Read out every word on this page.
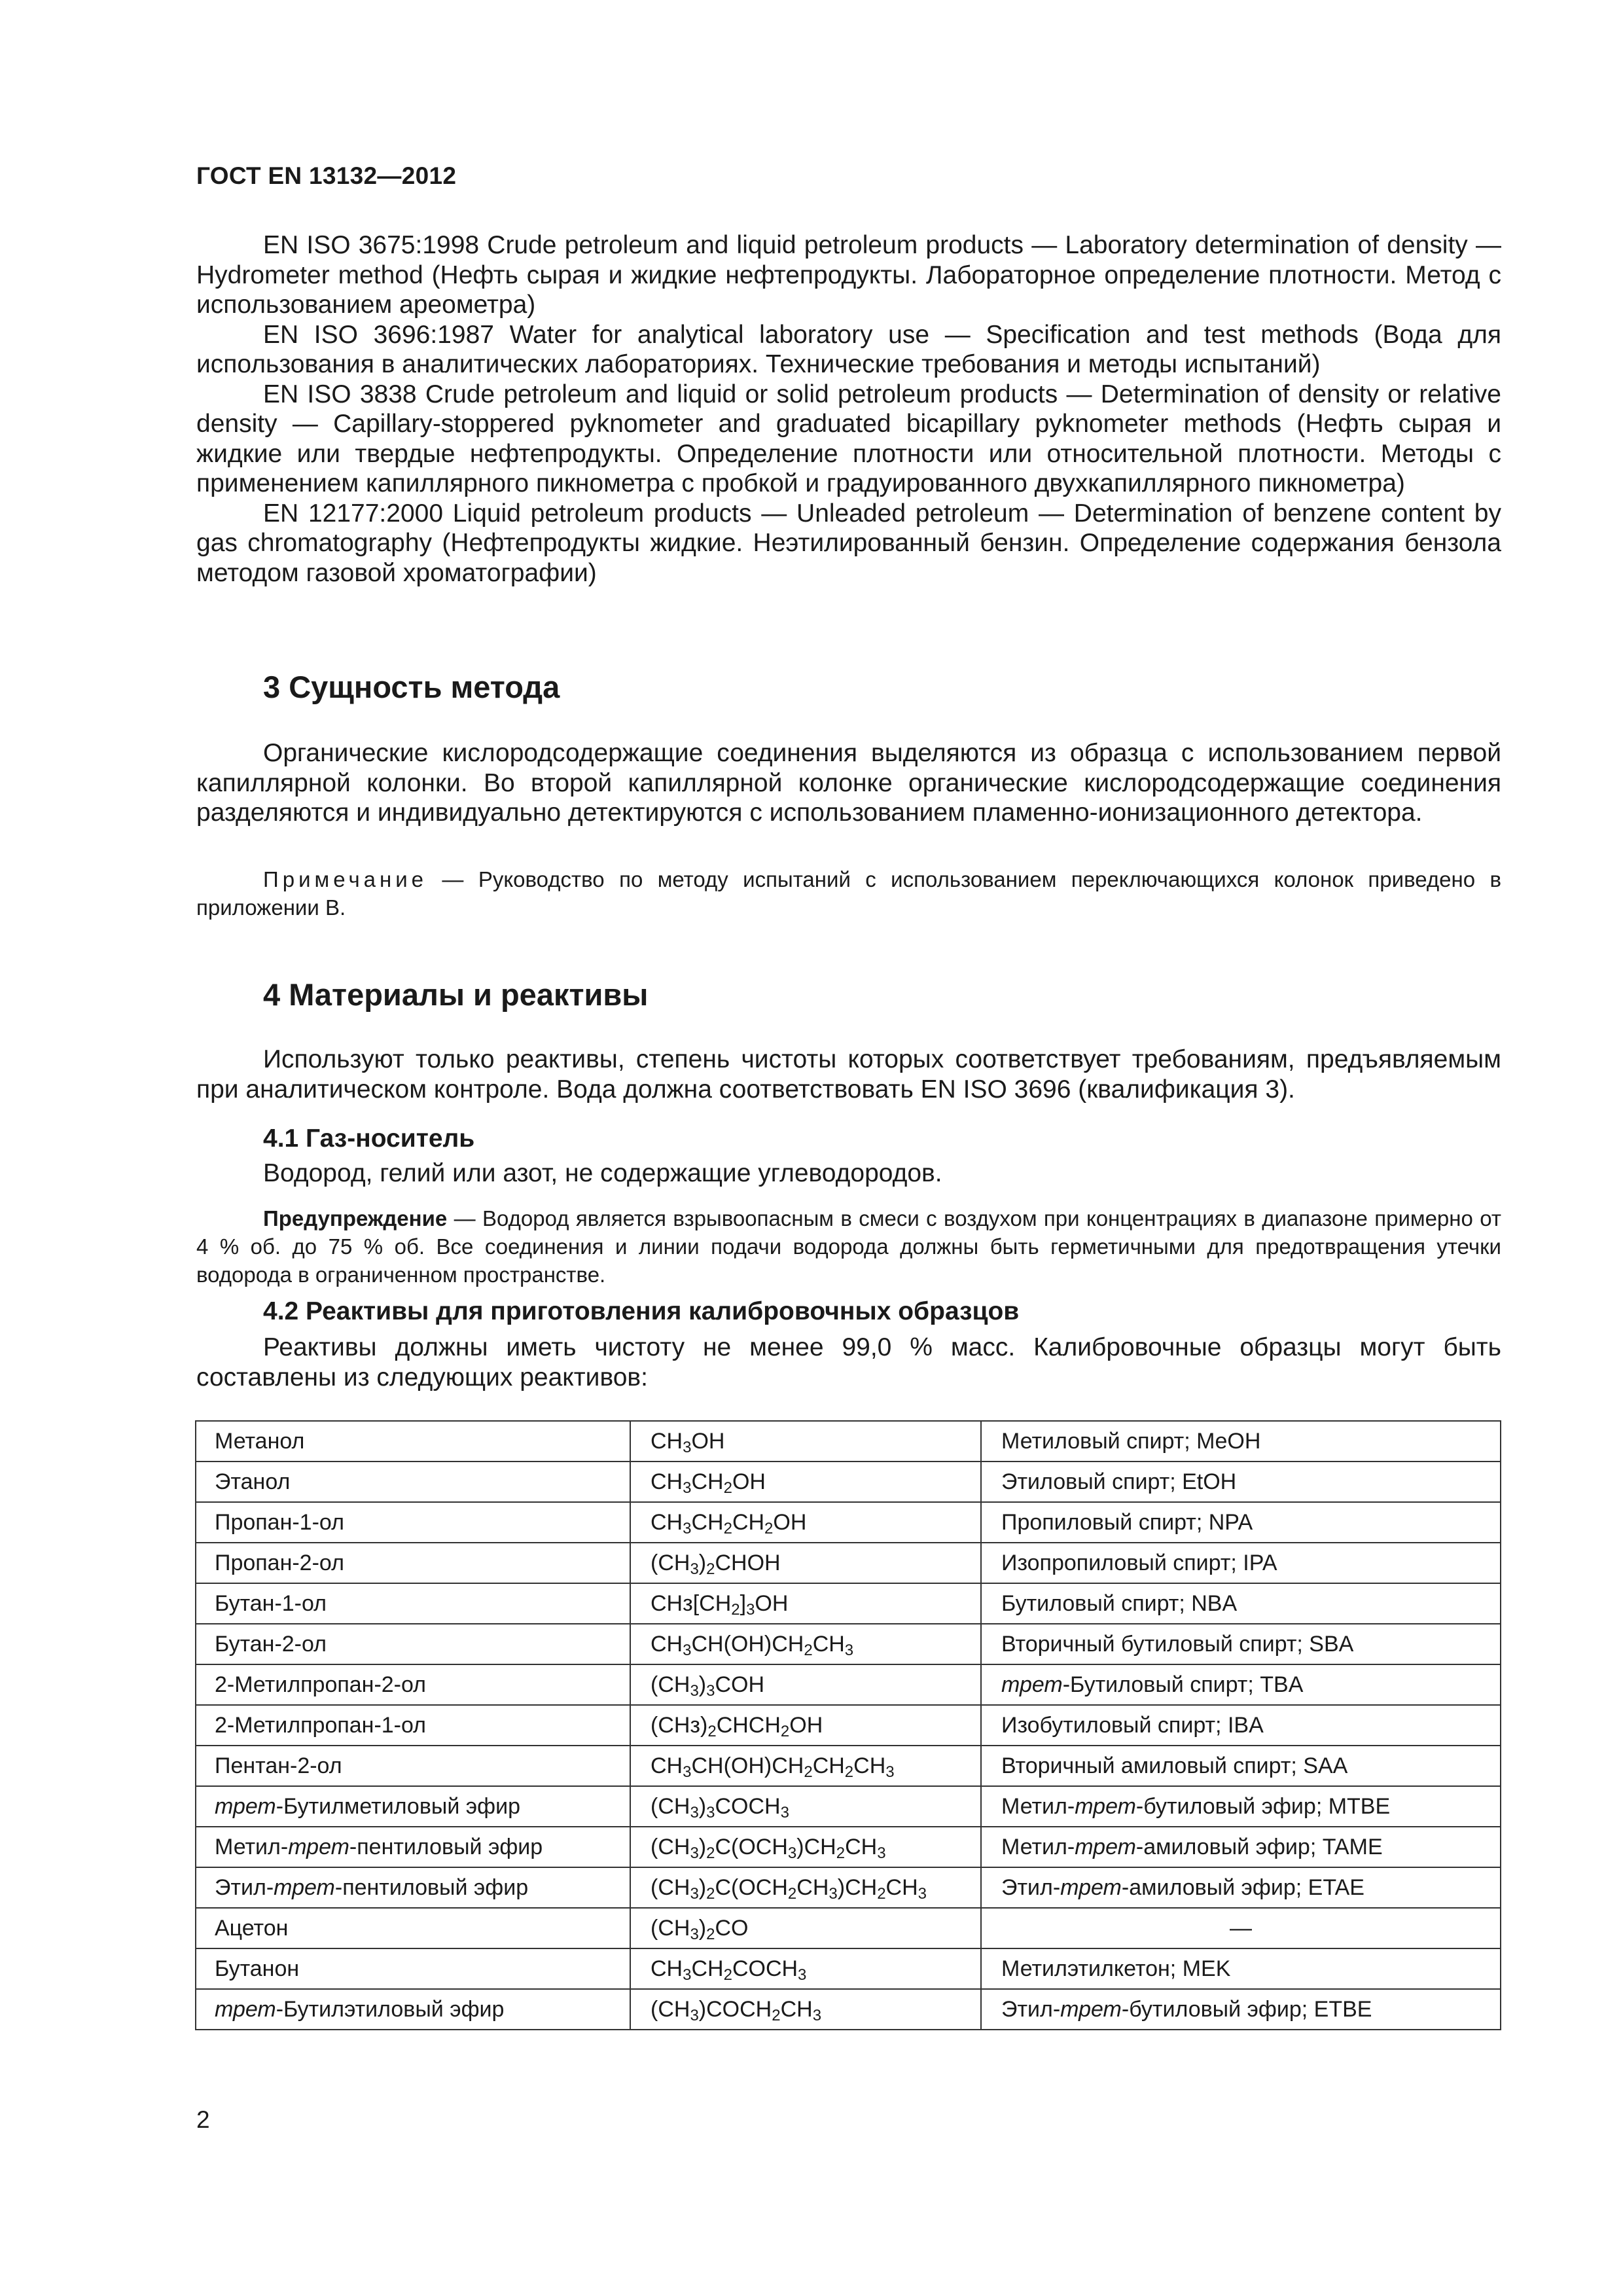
ГОСТ EN 13132—2012

EN ISO 3675:1998 Crude petroleum and liquid petroleum products — Laboratory determination of density — Hydrometer method (Нефть сырая и жидкие нефтепродукты. Лабораторное определение плотности. Метод с использованием ареометра)

EN ISO 3696:1987 Water for analytical laboratory use — Specification and test methods (Вода для использования в аналитических лабораториях. Технические требования и методы испытаний)

EN ISO 3838 Crude petroleum and liquid or solid petroleum products — Determination of density or relative density — Capillary-stoppered pyknometer and graduated bicapillary pyknometer methods (Нефть сырая и жидкие или твердые нефтепродукты. Определение плотности или относительной плотности. Методы с применением капиллярного пикнометра с пробкой и градуированного двухкапиллярного пикнометра)

EN 12177:2000 Liquid petroleum products — Unleaded petroleum — Determination of benzene content by gas chromatography (Нефтепродукты жидкие. Неэтилированный бензин. Определение содержания бензола методом газовой хроматографии)

3 Сущность метода

Органические кислородсодержащие соединения выделяются из образца с использованием первой капиллярной колонки. Во второй капиллярной колонке органические кислородсодержащие соединения разделяются и индивидуально детектируются с использованием пламенно-ионизационного детектора.

Примечание — Руководство по методу испытаний с использованием переключающихся колонок приведено в приложении В.

4 Материалы и реактивы

Используют только реактивы, степень чистоты которых соответствует требованиям, предъявляемым при аналитическом контроле. Вода должна соответствовать EN ISO 3696 (квалификация 3).

4.1 Газ-носитель

Водород, гелий или азот, не содержащие углеводородов.

Предупреждение — Водород является взрывоопасным в смеси с воздухом при концентрациях в диапазоне примерно от 4 % об. до 75 % об. Все соединения и линии подачи водорода должны быть герметичными для предотвращения утечки водорода в ограниченном пространстве.

4.2 Реактивы для приготовления калибровочных образцов

Реактивы должны иметь чистоту не менее 99,0 % масс. Калибровочные образцы могут быть составлены из следующих реактивов:

Метанол	$CH_3OH$	Метиловый спирт; MeOH
Этанол	$CH_3CH_2OH$	Этиловый спирт; EtOH
Пропан-1-ол	$CH_3CH_2CH_2OH$	Пропиловый спирт; NPA
Пропан-2-ол	$(CH_3)_2CHOH$	Изопропиловый спирт; IPA
Бутан-1-ол	$CHз[CH_2]_3OH$	Бутиловый спирт; NBA
Бутан-2-ол	$CH_3CH(OH)CH_2CH_3$	Вторичный бутиловый спирт; SBA
2-Метилпропан-2-ол	$(CH_3)_3COH$	трет-Бутиловый спирт; TBA
2-Метилпропан-1-ол	$(CHз)_2CHCH_2OH$	Изобутиловый спирт; IBA
Пентан-2-ол	$CH_3CH(OH)CH_2CH_2CH_3$	Вторичный амиловый спирт; SAA
трет-Бутилметиловый эфир	$(CH_3)_3COCH_3$	Метил-трет-бутиловый эфир; MTBE
Метил-трет-пентиловый эфир	$(CH_3)_2C(OCH_3)CH_2CH_3$	Метил-трет-амиловый эфир; TAME
Этил-трет-пентиловый эфир	$(CH_3)_2C(OCH_2CH_3)CH_2CH_3$	Этил-трет-амиловый эфир; ETAE
Ацетон	$(CH_3)_2CO$	—
Бутанон	$CH_3CH_2COCH_3$	Метилэтилкетон; MEK
трет-Бутилэтиловый эфир	$(CH_3)COCH_2CH_3$	Этил-трет-бутиловый эфир; ETBE
2
